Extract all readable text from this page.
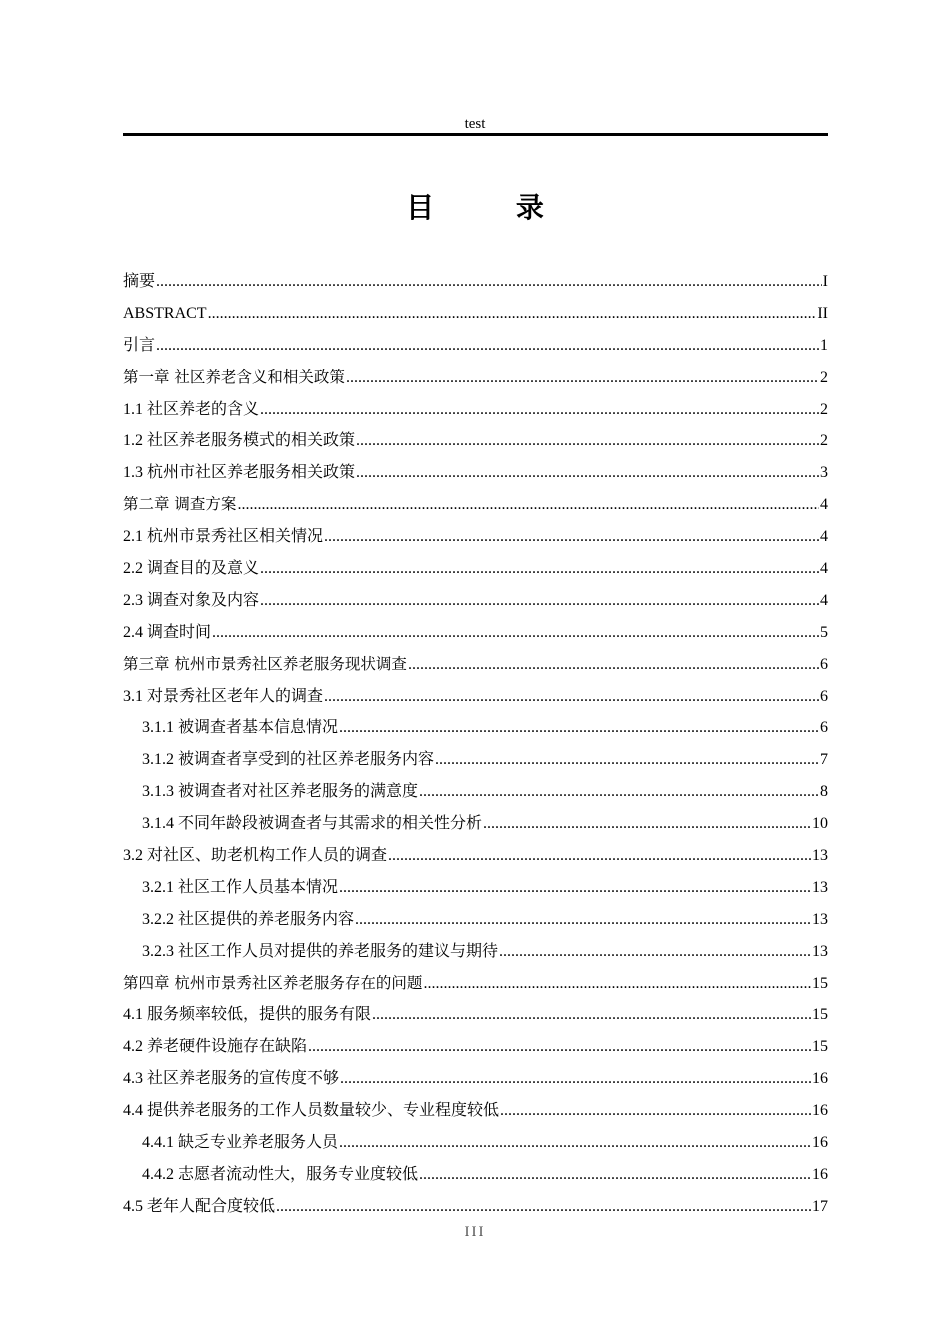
test
目 录
摘要 .....	I
ABSTRACT .....	II
引言 .....	1
第一章 社区养老含义和相关政策 .....	2
1.1 社区养老的含义 .....	2
1.2 社区养老服务模式的相关政策 .....	2
1.3 杭州市社区养老服务相关政策 .....	3
第二章 调查方案 .....	4
2.1 杭州市景秀社区相关情况 .....	4
2.2 调查目的及意义 .....	4
2.3 调查对象及内容 .....	4
2.4 调查时间 .....	5
第三章 杭州市景秀社区养老服务现状调查 .....	6
3.1 对景秀社区老年人的调查 .....	6
3.1.1 被调查者基本信息情况 .....	6
3.1.2 被调查者享受到的社区养老服务内容 .....	7
3.1.3 被调查者对社区养老服务的满意度 .....	8
3.1.4 不同年龄段被调查者与其需求的相关性分析 .....	10
3.2 对社区、助老机构工作人员的调查 .....	13
3.2.1 社区工作人员基本情况 .....	13
3.2.2 社区提供的养老服务内容 .....	13
3.2.3 社区工作人员对提供的养老服务的建议与期待 .....	13
第四章 杭州市景秀社区养老服务存在的问题 .....	15
4.1 服务频率较低，提供的服务有限 .....	15
4.2 养老硬件设施存在缺陷 .....	15
4.3 社区养老服务的宣传度不够 .....	16
4.4 提供养老服务的工作人员数量较少、专业程度较低 .....	16
4.4.1 缺乏专业养老服务人员 .....	16
4.4.2 志愿者流动性大，服务专业度较低 .....	16
4.5 老年人配合度较低 .....	17
III
